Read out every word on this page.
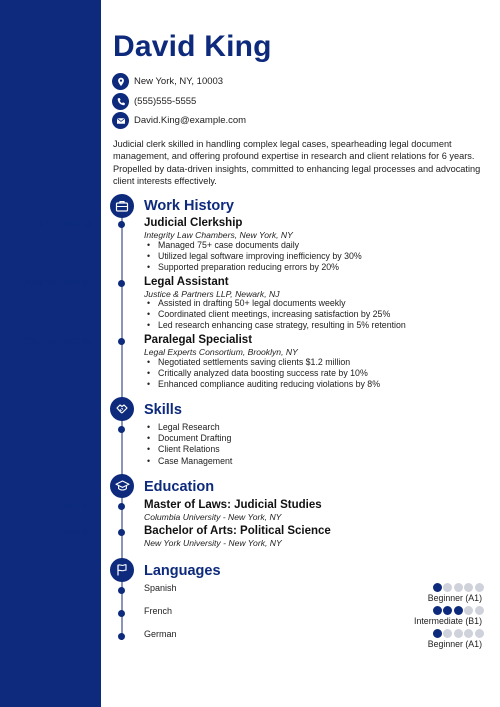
David King
New York, NY, 10003
(555)555-5555
David.King@example.com
Judicial clerk skilled in handling complex legal cases, spearheading legal document management, and offering profound expertise in research and client relations for 6 years. Propelled by data-driven insights, committed to enhancing legal processes and advocating client interests effectively.
Work History
2023-10 - 2025-10	Judicial Clerkship
Integrity Law Chambers, New York, NY
• Managed 75+ case documents daily
• Utilized legal software improving inefficiency by 30%
• Supported preparation reducing errors by 20%
2019-10 - 2023-09	Legal Assistant
Justice & Partners LLP, Newark, NJ
• Assisted in drafting 50+ legal documents weekly
• Coordinated client meetings, increasing satisfaction by 25%
• Led research enhancing case strategy, resulting in 5% retention
2017-10 - 2019-09	Paralegal Specialist
Legal Experts Consortium, Brooklyn, NY
• Negotiated settlements saving clients $1.2 million
• Critically analyzed data boosting success rate by 10%
• Enhanced compliance auditing reducing violations by 8%
Skills
• Legal Research
• Document Drafting
• Client Relations
• Case Management
Education
2017-07	Master of Laws: Judicial Studies
Columbia University - New York, NY
2015-05	Bachelor of Arts: Political Science
New York University - New York, NY
Languages
Spanish
Beginner (A1)
French
Intermediate (B1)
German
Beginner (A1)
